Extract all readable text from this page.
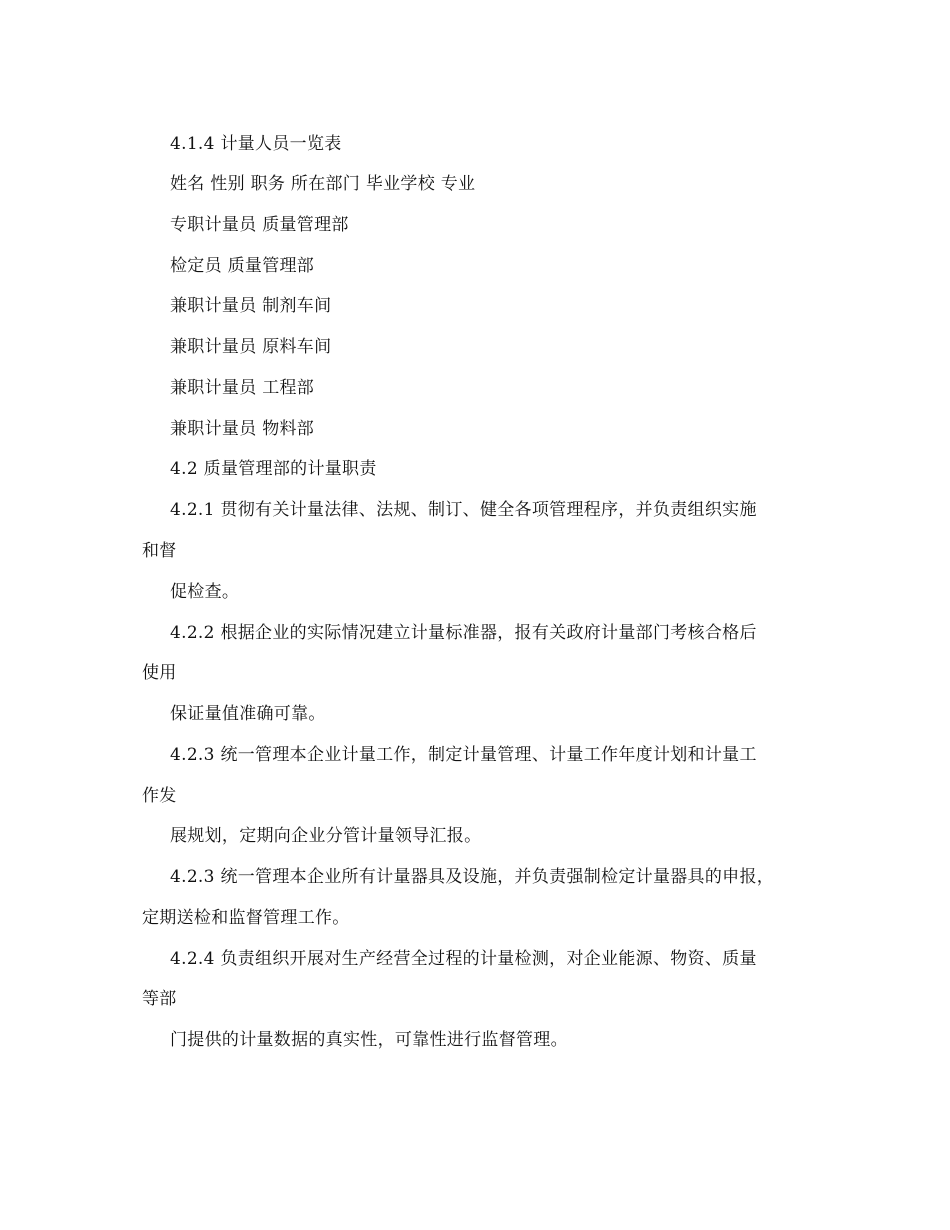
4.1.4 计量人员一览表
姓名 性别 职务 所在部门 毕业学校 专业
专职计量员 质量管理部
检定员 质量管理部
兼职计量员 制剂车间
兼职计量员 原料车间
兼职计量员 工程部
兼职计量员 物料部
4.2 质量管理部的计量职责
4.2.1 贯彻有关计量法律、法规、制订、健全各项管理程序，并负责组织实施
和督
促检查。
4.2.2 根据企业的实际情况建立计量标准器，报有关政府计量部门考核合格后
使用
保证量值准确可靠。
4.2.3 统一管理本企业计量工作，制定计量管理、计量工作年度计划和计量工
作发
展规划，定期向企业分管计量领导汇报。
4.2.3 统一管理本企业所有计量器具及设施，并负责强制检定计量器具的申报，
定期送检和监督管理工作。
4.2.4 负责组织开展对生产经营全过程的计量检测，对企业能源、物资、质量
等部
门提供的计量数据的真实性，可靠性进行监督管理。
